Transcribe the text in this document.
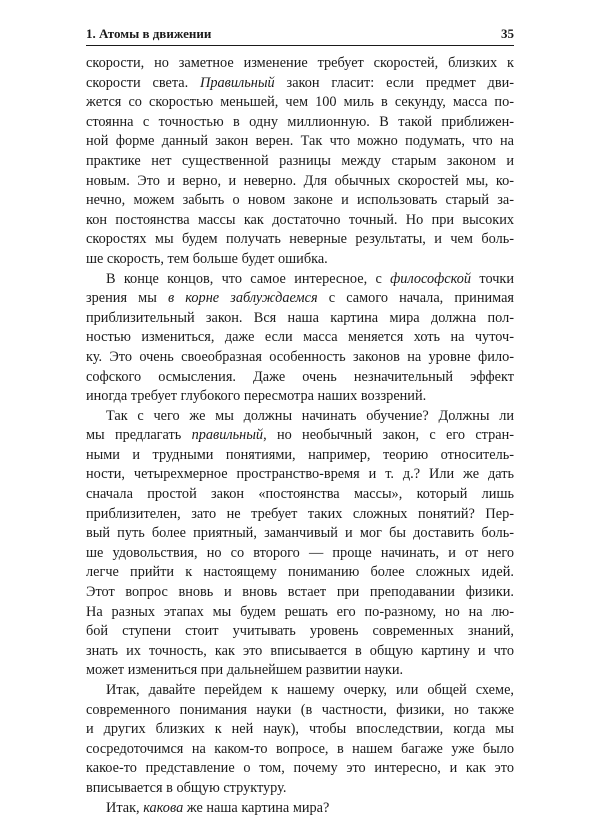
1. Атомы в движении	35
скорости, но заметное изменение требует скоростей, близких к
скорости света. Правильный закон гласит: если предмет дви-
жется со скоростью меньшей, чем 100 миль в секунду, масса по-
стоянна с точностью в одну миллионную. В такой приближен-
ной форме данный закон верен. Так что можно подумать, что на
практике нет существенной разницы между старым законом и
новым. Это и верно, и неверно. Для обычных скоростей мы, ко-
нечно, можем забыть о новом законе и использовать старый за-
кон постоянства массы как достаточно точный. Но при высоких
скоростях мы будем получать неверные результаты, и чем боль-
ше скорость, тем больше будет ошибка.
В конце концов, что самое интересное, с философской точки
зрения мы в корне заблуждаемся с самого начала, принимая
приблизительный закон. Вся наша картина мира должна пол-
ностью измениться, даже если масса меняется хоть на чуточ-
ку. Это очень своеобразная особенность законов на уровне фило-
софского осмысления. Даже очень незначительный эффект
иногда требует глубокого пересмотра наших воззрений.
Так с чего же мы должны начинать обучение? Должны ли
мы предлагать правильный, но необычный закон, с его стран-
ными и трудными понятиями, например, теорию относитель-
ности, четырехмерное пространство-время и т. д.? Или же дать
сначала простой закон «постоянства массы», который лишь
приблизителен, зато не требует таких сложных понятий? Пер-
вый путь более приятный, заманчивый и мог бы доставить боль-
ше удовольствия, но со второго — проще начинать, и от него
легче прийти к настоящему пониманию более сложных идей.
Этот вопрос вновь и вновь встает при преподавании физики.
На разных этапах мы будем решать его по-разному, но на лю-
бой ступени стоит учитывать уровень современных знаний,
знать их точность, как это вписывается в общую картину и что
может измениться при дальнейшем развитии науки.
Итак, давайте перейдем к нашему очерку, или общей схеме,
современного понимания науки (в частности, физики, но также
и других близких к ней наук), чтобы впоследствии, когда мы
сосредоточимся на каком-то вопросе, в нашем багаже уже было
какое-то представление о том, почему это интересно, и как это
вписывается в общую структуру.
Итак, какова же наша картина мира?
